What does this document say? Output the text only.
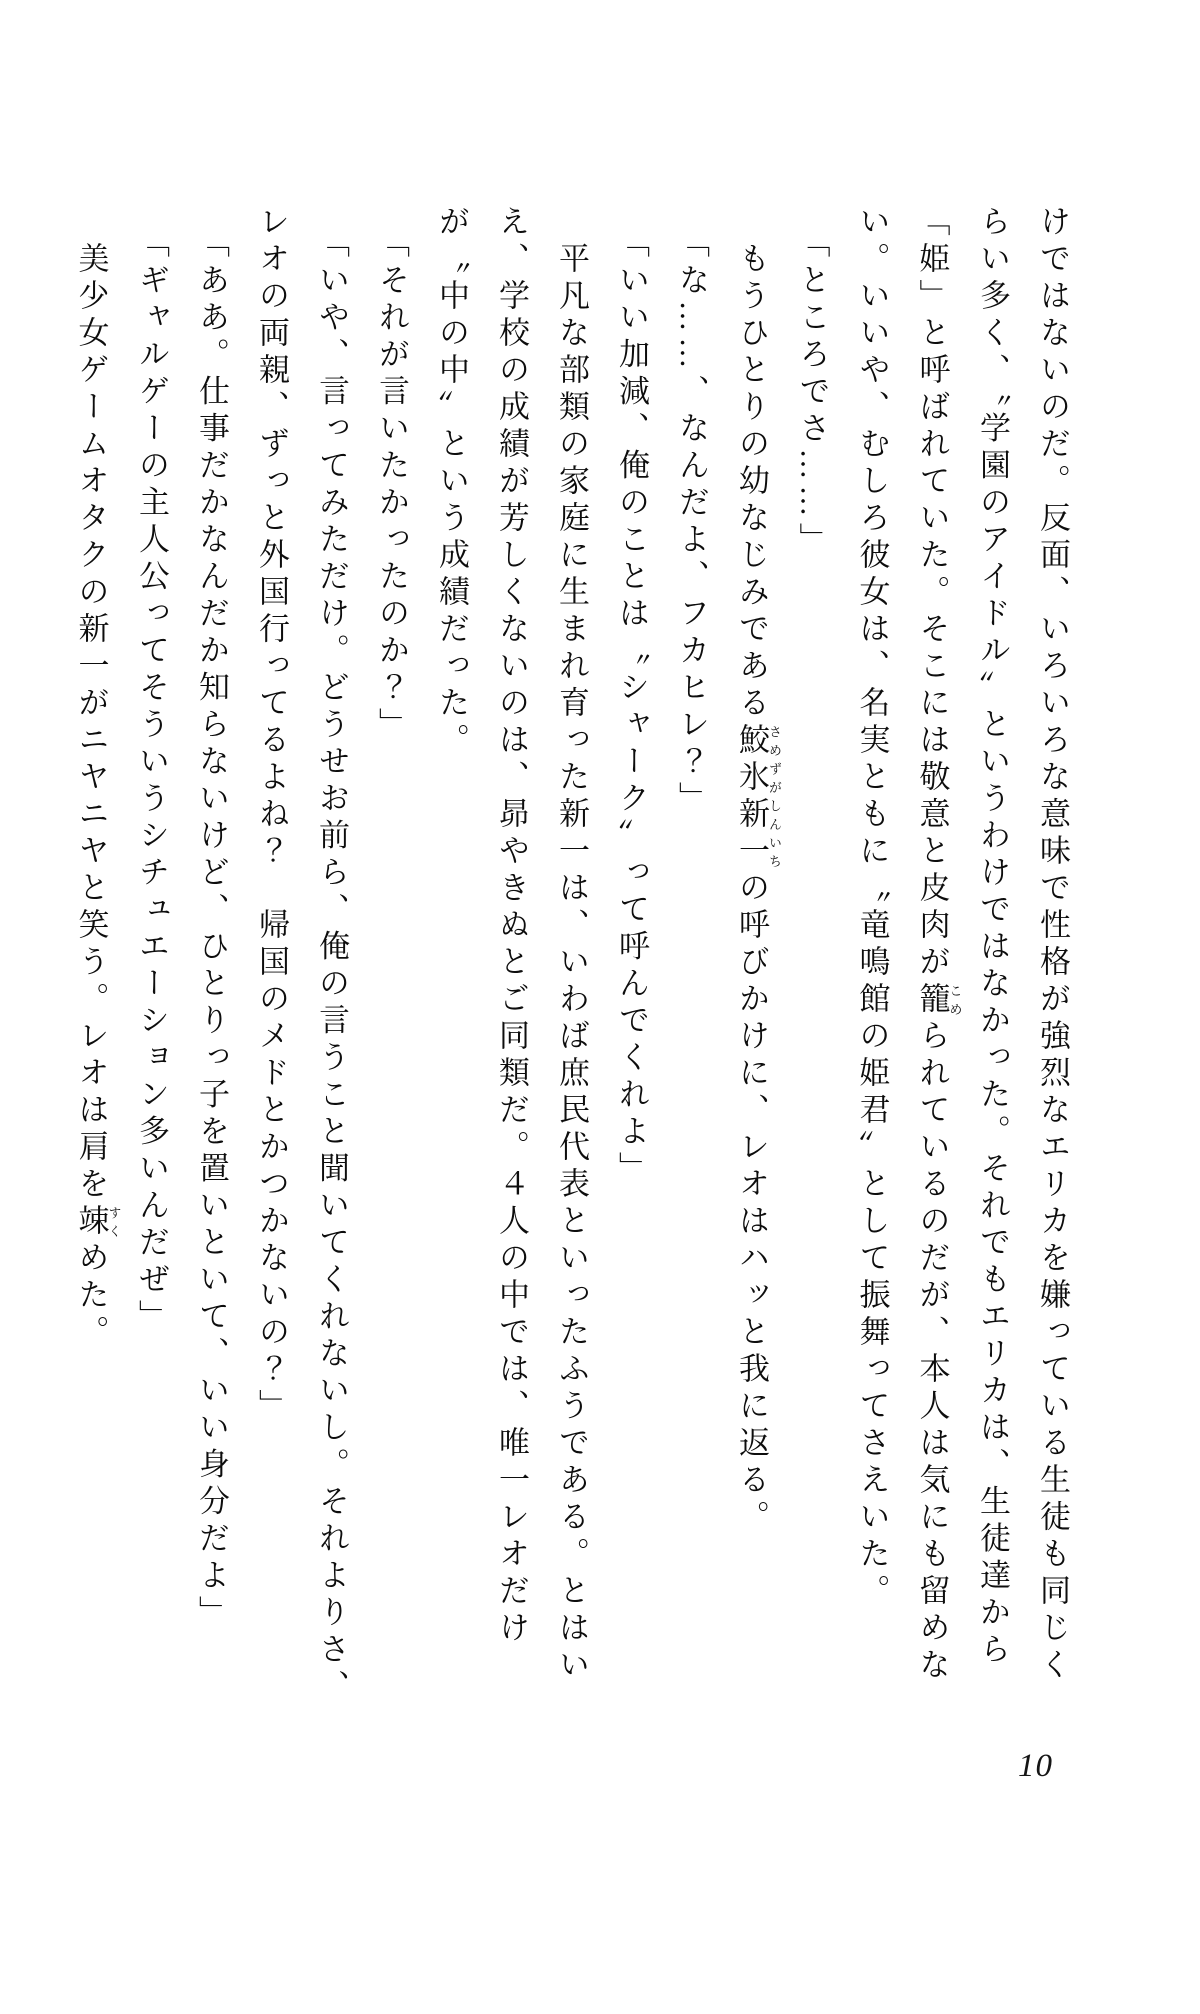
けではないのだ。反面、いろいろな意味で性格が強烈なエリカを嫌っている生徒も同じく
らい多く、〝学園のアイドル〟というわけではなかった。それでもエリカは、生徒達から
「姫」と呼ばれていた。そこには敬意と皮肉が籠こめられているのだが、本人は気にも留めな
い。いいや、むしろ彼女は、名実ともに〝竜鳴館の姫君〟として振舞ってさえいた。
　「ところでさ……」
　もうひとりの幼なじみである鮫氷新一さめずがしんいちの呼びかけに、レオはハッと我に返る。
　「な……、なんだよ、フカヒレ？」
　「いい加減、俺のことは〝シャーク〟って呼んでくれよ」
　平凡な部類の家庭に生まれ育った新一は、いわば庶民代表といったふうである。とはい
え、学校の成績が芳しくないのは、昴やきぬとご同類だ。４人の中では、唯一レオだけ
が〝中の中〟という成績だった。
　「それが言いたかったのか？」
　「いや、言ってみただけ。どうせお前ら、俺の言うこと聞いてくれないし。それよりさ、
レオの両親、ずっと外国行ってるよね？　帰国のメドとかつかないの？」
　「ああ。仕事だかなんだか知らないけど、ひとりっ子を置いといて、いい身分だよ」
　「ギャルゲーの主人公ってそういうシチュエーション多いんだぜ」
　美少女ゲームオタクの新一がニヤニヤと笑う。レオは肩を竦すくめた。
10
